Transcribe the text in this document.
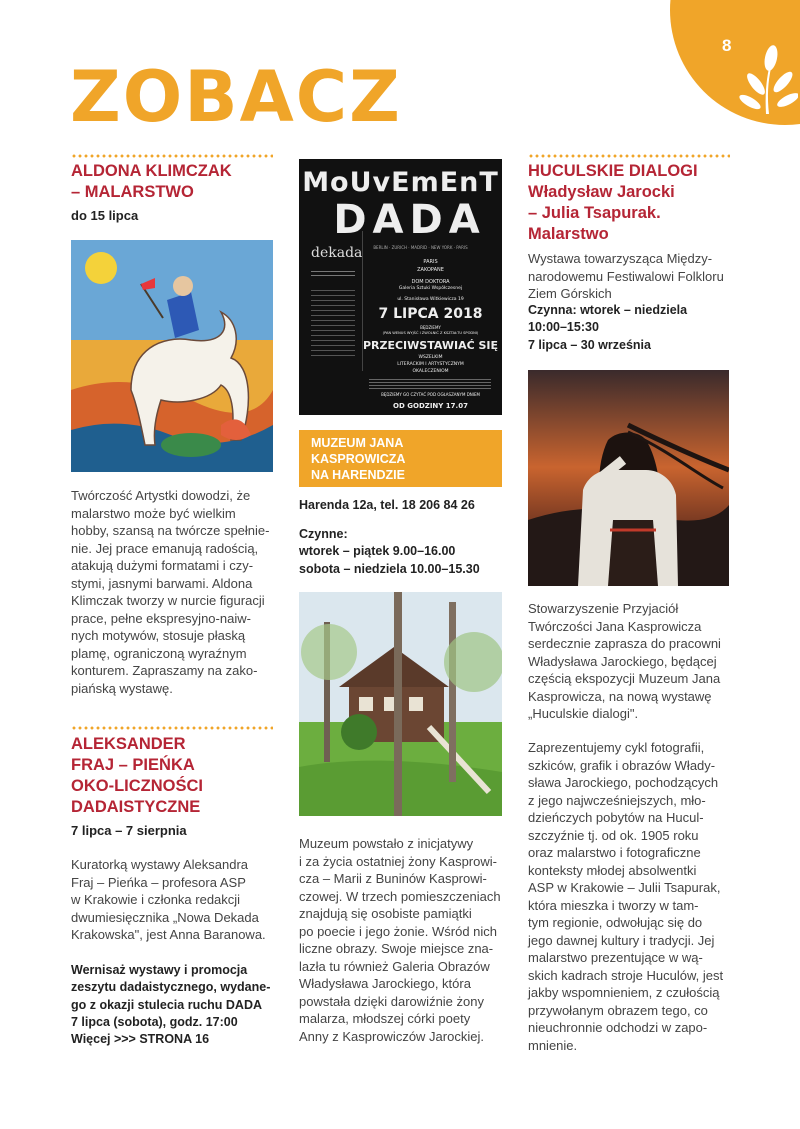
8
ZOBACZ
ALDONA KLIMCZAK
– MALARSTWO
do 15 lipca
Twórczość Artystki dowodzi, że
malarstwo może być wielkim
hobby, szansą na twórcze spełnie-
nie. Jej prace emanują radością,
atakują dużymi formatami i czy-
stymi, jasnymi barwami. Aldona
Klimczak tworzy w nurcie figuracji
prace, pełne ekspresyjno-naiw-
nych motywów, stosuje płaską
plamę, ograniczoną wyraźnym
konturem. Zapraszamy na zako-
piańską wystawę.
ALEKSANDER
FRAJ – PIEŃKA
OKO-LICZNOŚCI
DADAISTYCZNE
7 lipca – 7 sierpnia
Kuratorką wystawy Aleksandra
Fraj – Pieńka – profesora ASP
w Krakowie i członka redakcji
dwumiesięcznika „Nowa Dekada
Krakowska", jest Anna Baranowa.
Wernisaż wystawy i promocja
zeszytu dadaistycznego, wydane-
go z okazji stulecia ruchu DADA
7 lipca (sobota), godz. 17:00
Więcej >>> STRONA 16
MoUvEmEnT
DADA
BERLIN · ZURICH · MADRID · NEW YORK · PARIS
dekada
PARIS
ZAKOPANE
DOM DOKTORA
Galeria Sztuki Współczesnej
ul. Stanisława Witkiewicza 19
7 LIPCA 2018
BĘDZIEMY
(PAN WENUS WYJŚĆ I ZWOLNIĆ Z KSZTAŁTU SPODNI)
PRZECIWSTAWIAĆ SIĘ
WSZELKIM
LITERACKIM I ARTYSTYCZNYM
OKALECZENIOM
BĘDZIEMY GO CZYTAĆ POD OGŁASZANYM DNIEM
OD GODZINY 17.07
MUZEUM JANA
KASPROWICZA
NA HARENDZIE
Harenda 12a, tel. 18 206 84 26
Czynne:
wtorek – piątek 9.00–16.00
sobota – niedziela 10.00–15.30
Muzeum powstało z inicjatywy
i za życia ostatniej żony Kasprowi-
cza – Marii z Buninów Kasprowi-
czowej. W trzech pomieszczeniach
znajdują się osobiste pamiątki
po poecie i jego żonie. Wśród nich
liczne obrazy. Swoje miejsce zna-
lazła tu również Galeria Obrazów
Władysława Jarockiego, która
powstała dzięki darowiźnie żony
malarza, młodszej córki poety
Anny z Kasprowiczów Jarockiej.
HUCULSKIE DIALOGI
Władysław Jarocki
– Julia Tsapurak.
Malarstwo
Wystawa towarzysząca Między-
narodowemu Festiwalowi Folkloru
Ziem Górskich
Czynna: wtorek – niedziela
10:00–15:30
7 lipca – 30 września
Stowarzyszenie Przyjaciół
Twórczości Jana Kasprowicza
serdecznie zaprasza do pracowni
Władysława Jarockiego, będącej
częścią ekspozycji Muzeum Jana
Kasprowicza, na nową wystawę
„Huculskie dialogi".
Zaprezentujemy cykl fotografii,
szkiców, grafik i obrazów Włady-
sława Jarockiego, pochodzących
z jego najwcześniejszych, mło-
dzieńczych pobytów na Hucul-
szczyźnie tj. od ok. 1905 roku
oraz malarstwo i fotograficzne
konteksty młodej absolwentki
ASP w Krakowie – Julii Tsapurak,
która mieszka i tworzy w tam-
tym regionie, odwołując się do
jego dawnej kultury i tradycji. Jej
malarstwo prezentujące w wą-
skich kadrach stroje Huculów, jest
jakby wspomnieniem, z czułością
przywołanym obrazem tego, co
nieuchronnie odchodzi w zapo-
mnienie.
